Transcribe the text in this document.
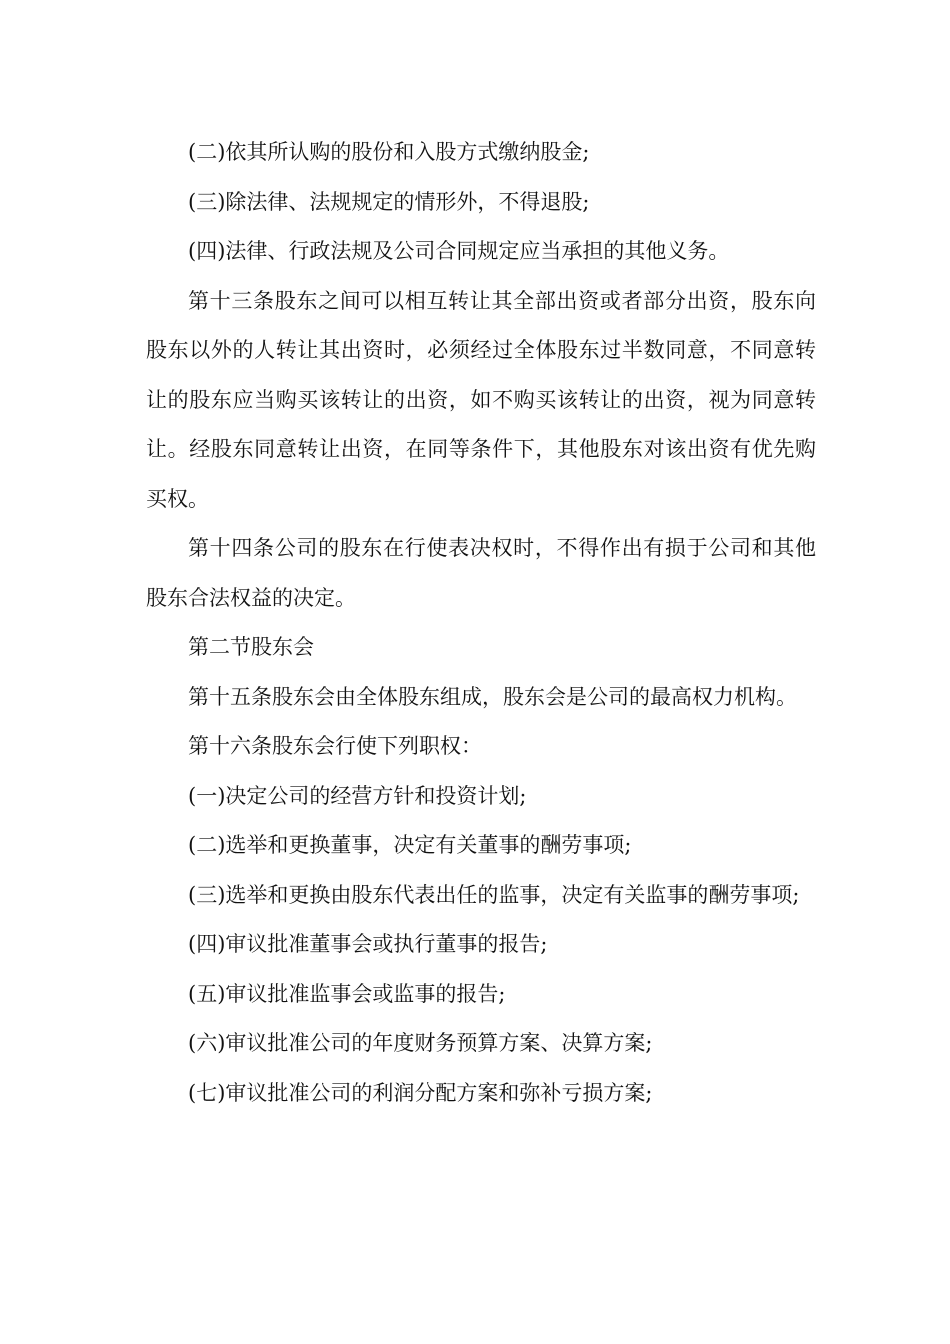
(二)依其所认购的股份和入股方式缴纳股金;

(三)除法律、法规规定的情形外，不得退股;

(四)法律、行政法规及公司合同规定应当承担的其他义务。

第十三条股东之间可以相互转让其全部出资或者部分出资，股东向股东以外的人转让其出资时，必须经过全体股东过半数同意，不同意转让的股东应当购买该转让的出资，如不购买该转让的出资，视为同意转让。经股东同意转让出资，在同等条件下，其他股东对该出资有优先购买权。

第十四条公司的股东在行使表决权时，不得作出有损于公司和其他股东合法权益的决定。

第二节股东会

第十五条股东会由全体股东组成，股东会是公司的最高权力机构。

第十六条股东会行使下列职权：

(一)决定公司的经营方针和投资计划;

(二)选举和更换董事，决定有关董事的酬劳事项;

(三)选举和更换由股东代表出任的监事，决定有关监事的酬劳事项;

(四)审议批准董事会或执行董事的报告;

(五)审议批准监事会或监事的报告;

(六)审议批准公司的年度财务预算方案、决算方案;

(七)审议批准公司的利润分配方案和弥补亏损方案;
